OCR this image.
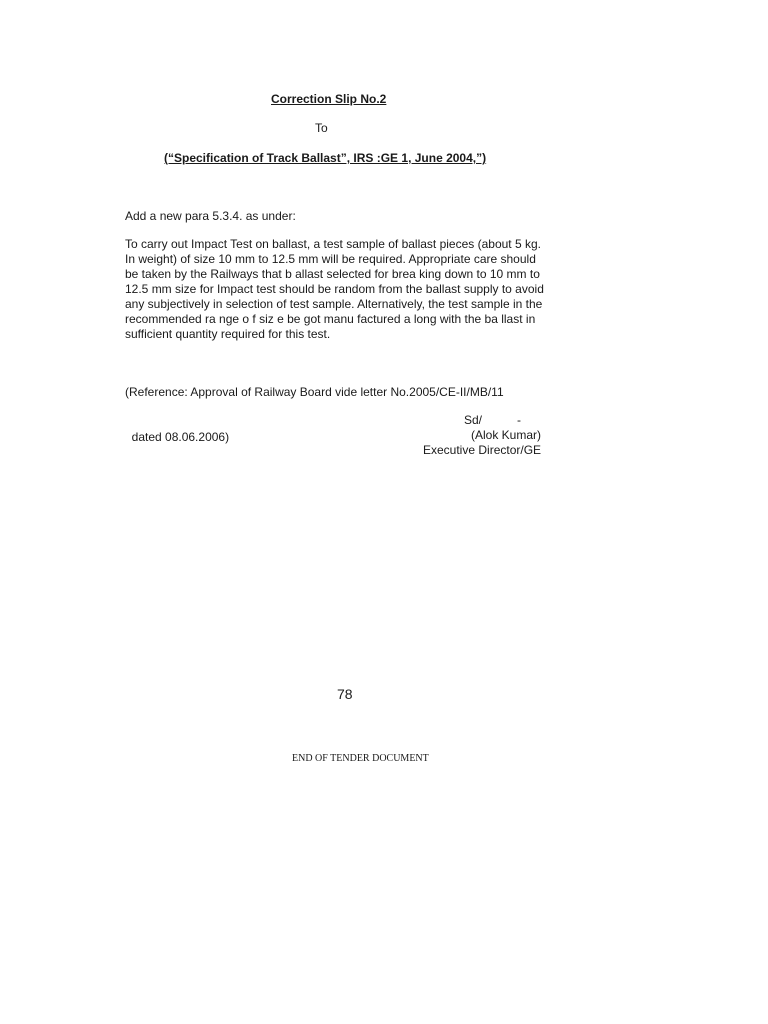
Correction Slip No.2
To
(“Specification of Track Ballast”, IRS :GE 1, June 2004,”)
Add a new para 5.3.4. as under:
To carry out Impact Test on ballast, a test sample of ballast pieces (about 5 kg.
In weight) of size 10 mm to 12.5 mm will be required. Appropriate care should
be taken by the Railways that b allast selected for brea king down to 10 mm to
12.5 mm size for Impact test should be random from the ballast supply to avoid
any subjectively in selection of test sample. Alternatively, the test sample in the
recommended ra nge o f siz e be got manu factured a long with the ba llast in
sufficient quantity required for this test.

(Reference: Approval of Railway Board vide letter No.2005/CE-II/MB/11

dated 08.06.2006)

Sd/	-
(Alok Kumar)
Executive Director/GE
78
END OF TENDER DOCUMENT
